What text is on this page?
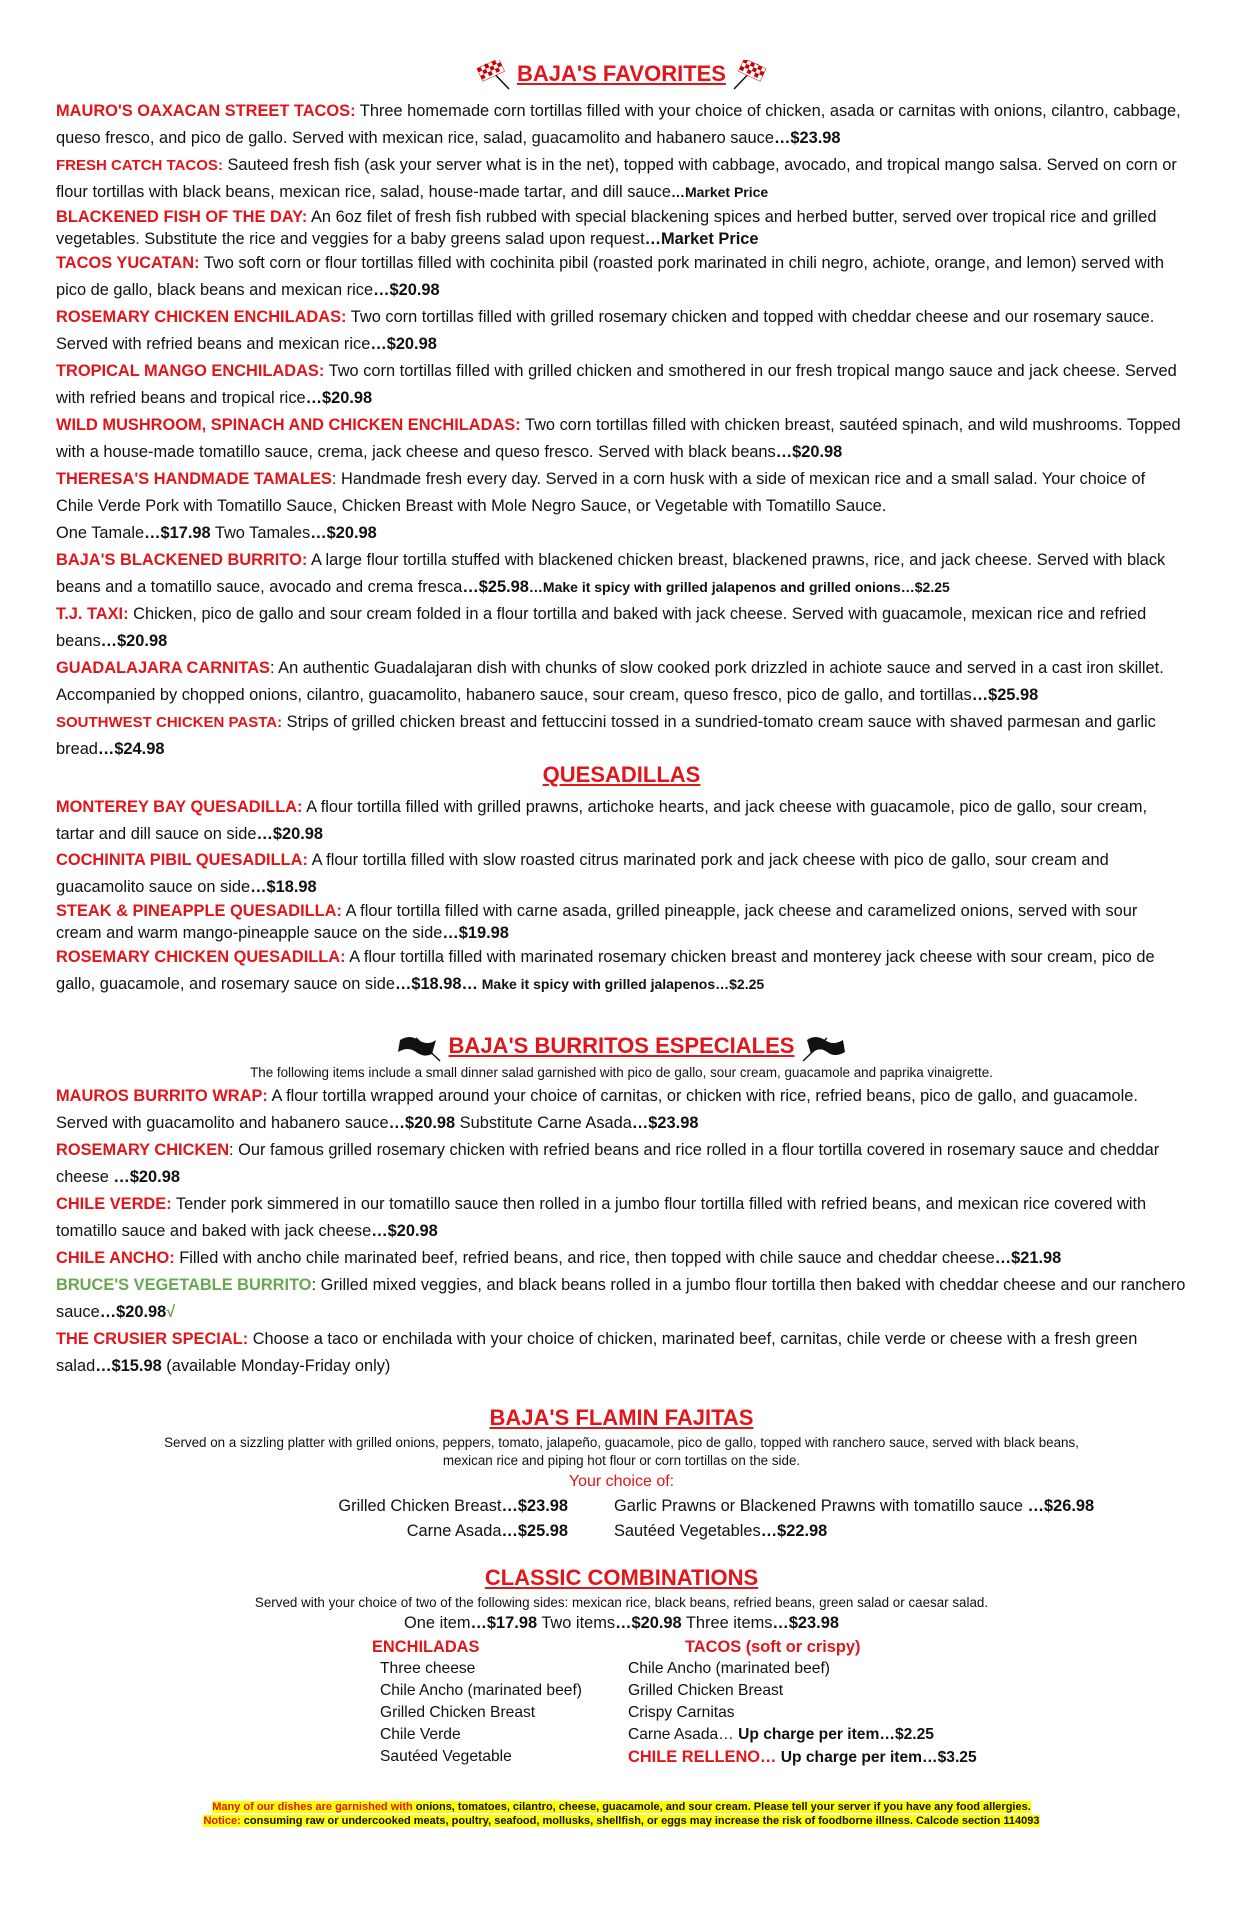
BAJA'S FAVORITES

MAURO'S OAXACAN STREET TACOS: Three homemade corn tortillas filled with your choice of chicken, asada or carnitas with onions, cilantro, cabbage, queso fresco, and pico de gallo. Served with mexican rice, salad, guacamolito and habanero sauce…$23.98

FRESH CATCH TACOS: Sauteed fresh fish (ask your server what is in the net), topped with cabbage, avocado, and tropical mango salsa. Served on corn or flour tortillas with black beans, mexican rice, salad, house-made tartar, and dill sauce…Market Price

BLACKENED FISH OF THE DAY: An 6oz filet of fresh fish rubbed with special blackening spices and herbed butter, served over tropical rice and grilled vegetables. Substitute the rice and veggies for a baby greens salad upon request…Market Price

TACOS YUCATAN: Two soft corn or flour tortillas filled with cochinita pibil (roasted pork marinated in chili negro, achiote, orange, and lemon) served with pico de gallo, black beans and mexican rice…$20.98

ROSEMARY CHICKEN ENCHILADAS: Two corn tortillas filled with grilled rosemary chicken and topped with cheddar cheese and our rosemary sauce. Served with refried beans and mexican rice…$20.98

TROPICAL MANGO ENCHILADAS: Two corn tortillas filled with grilled chicken and smothered in our fresh tropical mango sauce and jack cheese. Served with refried beans and tropical rice…$20.98

WILD MUSHROOM, SPINACH AND CHICKEN ENCHILADAS: Two corn tortillas filled with chicken breast, sautéed spinach, and wild mushrooms. Topped with a house-made tomatillo sauce, crema, jack cheese and queso fresco. Served with black beans…$20.98

THERESA'S HANDMADE TAMALES: Handmade fresh every day. Served in a corn husk with a side of mexican rice and a small salad. Your choice of Chile Verde Pork with Tomatillo Sauce, Chicken Breast with Mole Negro Sauce, or Vegetable with Tomatillo Sauce.
One Tamale…$17.98 Two Tamales…$20.98

BAJA'S BLACKENED BURRITO: A large flour tortilla stuffed with blackened chicken breast, blackened prawns, rice, and jack cheese. Served with black beans and a tomatillo sauce, avocado and crema fresca…$25.98…Make it spicy with grilled jalapenos and grilled onions…$2.25

T.J. TAXI: Chicken, pico de gallo and sour cream folded in a flour tortilla and baked with jack cheese. Served with guacamole, mexican rice and refried beans…$20.98

GUADALAJARA CARNITAS: An authentic Guadalajaran dish with chunks of slow cooked pork drizzled in achiote sauce and served in a cast iron skillet. Accompanied by chopped onions, cilantro, guacamolito, habanero sauce, sour cream, queso fresco, pico de gallo, and tortillas…$25.98

SOUTHWEST CHICKEN PASTA: Strips of grilled chicken breast and fettuccini tossed in a sundried-tomato cream sauce with shaved parmesan and garlic bread…$24.98

QUESADILLAS

MONTEREY BAY QUESADILLA: A flour tortilla filled with grilled prawns, artichoke hearts, and jack cheese with guacamole, pico de gallo, sour cream, tartar and dill sauce on side…$20.98

COCHINITA PIBIL QUESADILLA: A flour tortilla filled with slow roasted citrus marinated pork and jack cheese with pico de gallo, sour cream and guacamolito sauce on side…$18.98

STEAK & PINEAPPLE QUESADILLA: A flour tortilla filled with carne asada, grilled pineapple, jack cheese and caramelized onions, served with sour cream and warm mango-pineapple sauce on the side…$19.98

ROSEMARY CHICKEN QUESADILLA: A flour tortilla filled with marinated rosemary chicken breast and monterey jack cheese with sour cream, pico de gallo, guacamole, and rosemary sauce on side…$18.98… Make it spicy with grilled jalapenos…$2.25

BAJA'S BURRITOS ESPECIALES
The following items include a small dinner salad garnished with pico de gallo, sour cream, guacamole and paprika vinaigrette.

MAUROS BURRITO WRAP: A flour tortilla wrapped around your choice of carnitas, or chicken with rice, refried beans, pico de gallo, and guacamole. Served with guacamolito and habanero sauce…$20.98 Substitute Carne Asada…$23.98

ROSEMARY CHICKEN: Our famous grilled rosemary chicken with refried beans and rice rolled in a flour tortilla covered in rosemary sauce and cheddar cheese …$20.98

CHILE VERDE: Tender pork simmered in our tomatillo sauce then rolled in a jumbo flour tortilla filled with refried beans, and mexican rice covered with tomatillo sauce and baked with jack cheese…$20.98

CHILE ANCHO: Filled with ancho chile marinated beef, refried beans, and rice, then topped with chile sauce and cheddar cheese…$21.98

BRUCE'S VEGETABLE BURRITO: Grilled mixed veggies, and black beans rolled in a jumbo flour tortilla then baked with cheddar cheese and our ranchero sauce…$20.98√

THE CRUSIER SPECIAL: Choose a taco or enchilada with your choice of chicken, marinated beef, carnitas, chile verde or cheese with a fresh green salad…$15.98 (available Monday-Friday only)

BAJA'S FLAMIN FAJITAS
Served on a sizzling platter with grilled onions, peppers, tomato, jalapeño, guacamole, pico de gallo, topped with ranchero sauce, served with black beans,
mexican rice and piping hot flour or corn tortillas on the side.
Your choice of:
Grilled Chicken Breast…$23.98
Carne Asada…$25.98
Garlic Prawns or Blackened Prawns with tomatillo sauce …$26.98
Sautéed Vegetables…$22.98
CLASSIC COMBINATIONS
Served with your choice of two of the following sides: mexican rice, black beans, refried beans, green salad or caesar salad.
One item…$17.98 Two items…$20.98 Three items…$23.98
ENCHILADAS
Three cheese
Chile Ancho (marinated beef)
Grilled Chicken Breast
Chile Verde
Sautéed Vegetable
TACOS (soft or crispy)
Chile Ancho (marinated beef)
Grilled Chicken Breast
Crispy Carnitas
Carne Asada… Up charge per item…$2.25
CHILE RELLENO… Up charge per item…$3.25
Many of our dishes are garnished with onions, tomatoes, cilantro, cheese, guacamole, and sour cream. Please tell your server if you have any food allergies.
Notice: consuming raw or undercooked meats, poultry, seafood, mollusks, shellfish, or eggs may increase the risk of foodborne illness. Calcode section 114093
